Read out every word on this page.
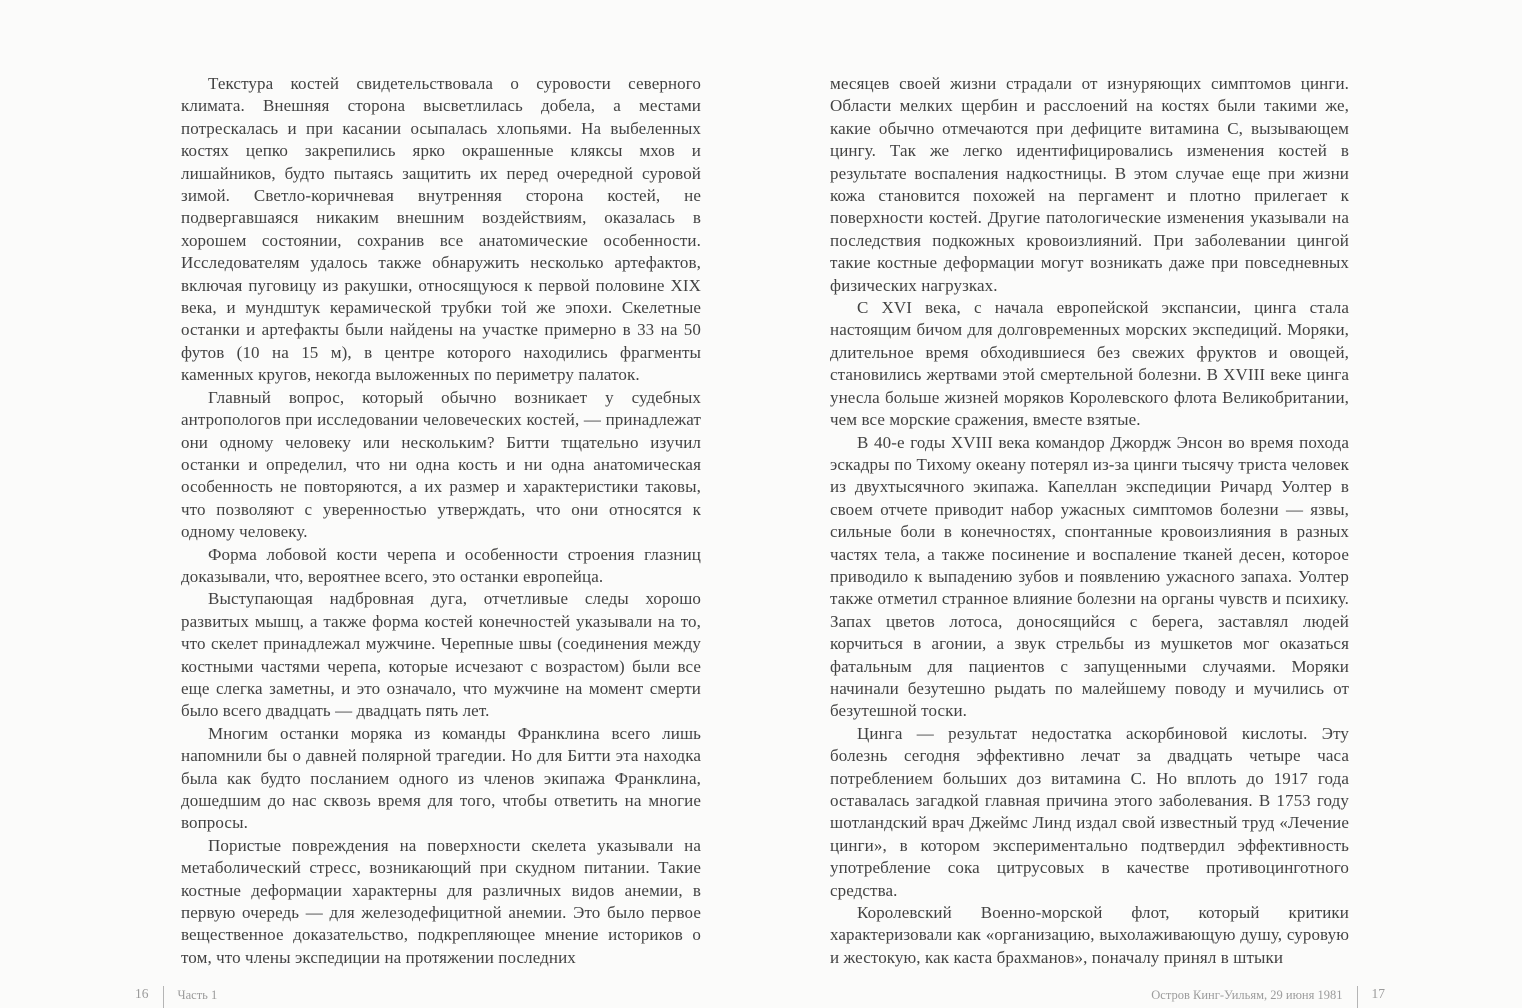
Текстура костей свидетельствовала о суровости северного климата. Внешняя сторона высветлилась добела, а местами потрескалась и при касании осыпалась хлопьями. На выбеленных костях цепко закрепились ярко окрашенные кляксы мхов и лишайников, будто пытаясь защитить их перед очередной суровой зимой. Светло-коричневая внутренняя сторона костей, не подвергавшаяся никаким внешним воздействиям, оказалась в хорошем состоянии, сохранив все анатомические особенности. Исследователям удалось также обнаружить несколько артефактов, включая пуговицу из ракушки, относящуюся к первой половине XIX века, и мундштук керамической трубки той же эпохи. Скелетные останки и артефакты были найдены на участке примерно в 33 на 50 футов (10 на 15 м), в центре которого находились фрагменты каменных кругов, некогда выложенных по периметру палаток.

Главный вопрос, который обычно возникает у судебных антропологов при исследовании человеческих костей, — принадлежат они одному человеку или нескольким? Битти тщательно изучил останки и определил, что ни одна кость и ни одна анатомическая особенность не повторяются, а их размер и характеристики таковы, что позволяют с уверенностью утверждать, что они относятся к одному человеку.

Форма лобовой кости черепа и особенности строения глазниц доказывали, что, вероятнее всего, это останки европейца.

Выступающая надбровная дуга, отчетливые следы хорошо развитых мышц, а также форма костей конечностей указывали на то, что скелет принадлежал мужчине. Черепные швы (соединения между костными частями черепа, которые исчезают с возрастом) были все еще слегка заметны, и это означало, что мужчине на момент смерти было всего двадцать — двадцать пять лет.

Многим останки моряка из команды Франклина всего лишь напомнили бы о давней полярной трагедии. Но для Битти эта находка была как будто посланием одного из членов экипажа Франклина, дошедшим до нас сквозь время для того, чтобы ответить на многие вопросы.

Пористые повреждения на поверхности скелета указывали на метаболический стресс, возникающий при скудном питании. Такие костные деформации характерны для различных видов анемии, в первую очередь — для железодефицитной анемии. Это было первое вещественное доказательство, подкрепляющее мнение историков о том, что члены экспедиции на протяжении последних

месяцев своей жизни страдали от изнуряющих симптомов цинги. Области мелких щербин и расслоений на костях были такими же, какие обычно отмечаются при дефиците витамина С, вызывающем цингу. Так же легко идентифицировались изменения костей в результате воспаления надкостницы. В этом случае еще при жизни кожа становится похожей на пергамент и плотно прилегает к поверхности костей. Другие патологические изменения указывали на последствия подкожных кровоизлияний. При заболевании цингой такие костные деформации могут возникать даже при повседневных физических нагрузках.

С XVI века, с начала европейской экспансии, цинга стала настоящим бичом для долговременных морских экспедиций. Моряки, длительное время обходившиеся без свежих фруктов и овощей, становились жертвами этой смертельной болезни. В XVIII веке цинга унесла больше жизней моряков Королевского флота Великобритании, чем все морские сражения, вместе взятые.

В 40-е годы XVIII века командор Джордж Энсон во время похода эскадры по Тихому океану потерял из-за цинги тысячу триста человек из двухтысячного экипажа. Капеллан экспедиции Ричард Уолтер в своем отчете приводит набор ужасных симптомов болезни — язвы, сильные боли в конечностях, спонтанные кровоизлияния в разных частях тела, а также посинение и воспаление тканей десен, которое приводило к выпадению зубов и появлению ужасного запаха. Уолтер также отметил странное влияние болезни на органы чувств и психику. Запах цветов лотоса, доносящийся с берега, заставлял людей корчиться в агонии, а звук стрельбы из мушкетов мог оказаться фатальным для пациентов с запущенными случаями. Моряки начинали безутешно рыдать по малейшему поводу и мучились от безутешной тоски.

Цинга — результат недостатка аскорбиновой кислоты. Эту болезнь сегодня эффективно лечат за двадцать четыре часа потреблением больших доз витамина С. Но вплоть до 1917 года оставалась загадкой главная причина этого заболевания. В 1753 году шотландский врач Джеймс Линд издал свой известный труд «Лечение цинги», в котором экспериментально подтвердил эффективность употребление сока цитрусовых в качестве противоцинготного средства.

Королевский Военно-морской флот, который критики характеризовали как «организацию, выхолаживающую душу, суровую и жестокую, как каста брахманов», поначалу принял в штыки

16 Часть 1	Остров Кинг-Уильям, 29 июня 1981 17
